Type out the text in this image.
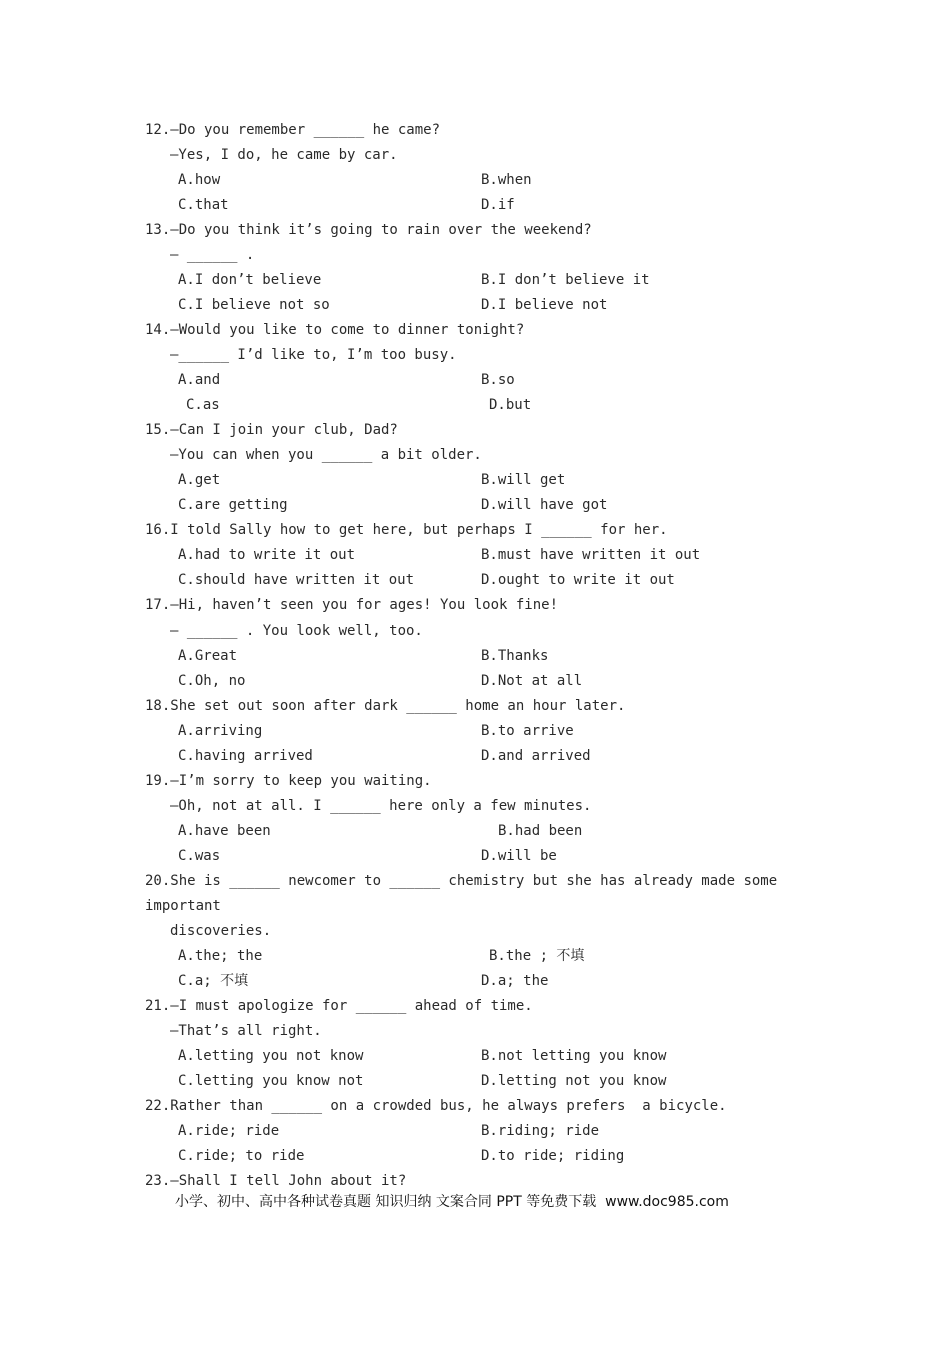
12.—Do you remember ______ he came?
—Yes, I do, he came by car.
A.how	B.when
C.that	D.if
13.—Do you think it’s going to rain over the weekend?
— ______ .
A.I don’t believe	B.I don’t believe it
C.I believe not so	D.I believe not
14.—Would you like to come to dinner tonight?
—______ I’d like to, I’m too busy.
A.and	B.so
C.as	D.but
15.—Can I join your club, Dad?
—You can when you ______ a bit older.
A.get	B.will get
C.are getting	D.will have got
16.I told Sally how to get here, but perhaps I ______ for her.
A.had to write it out	B.must have written it out
C.should have written it out	D.ought to write it out
17.—Hi, haven’t seen you for ages! You look fine!
— ______ . You look well, too.
A.Great	B.Thanks
C.Oh, no	D.Not at all
18.She set out soon after dark ______ home an hour later.
A.arriving	B.to arrive
C.having arrived	D.and arrived
19.—I’m sorry to keep you waiting.
—Oh, not at all. I ______ here only a few minutes.
A.have been	B.had been
C.was	D.will be
20.She is ______ newcomer to ______ chemistry but she has already made some
important
discoveries.
A.the; the	B.the ; 不填
C.a; 不填	D.a; the
21.—I must apologize for ______ ahead of time.
—That’s all right.
A.letting you not know	B.not letting you know
C.letting you know not	D.letting not you know
22.Rather than ______ on a crowded bus, he always prefers  a bicycle.
A.ride; ride	B.riding; ride
C.ride; to ride	D.to ride; riding
23.—Shall I tell John about it?
小学、初中、高中各种试卷真题 知识归纳 文案合同 PPT 等免费下载  www.doc985.com
